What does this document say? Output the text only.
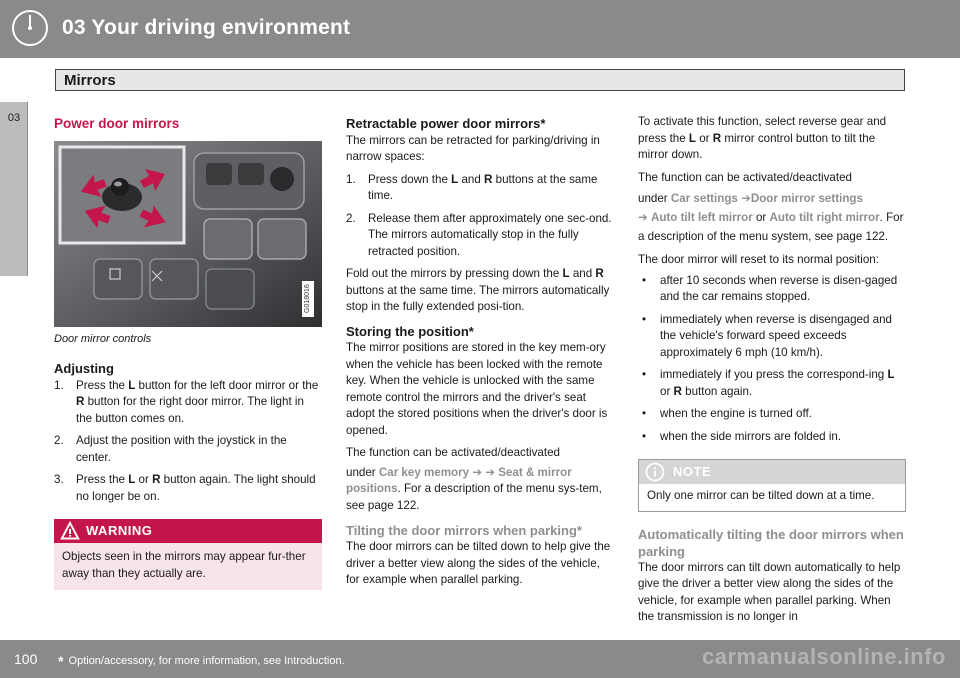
03 Your driving environment
Mirrors
03	Power door mirrors
G018016
Door mirror controls
Adjusting
1. Press the L button for the left door mirror or the R button for the right door mirror. The light in the button comes on.
2. Adjust the position with the joystick in the center.
3. Press the L or R button again. The light should no longer be on.
WARNING
Objects seen in the mirrors may appear fur-ther away than they actually are.
Retractable power door mirrors*

The mirrors can be retracted for parking/driving in narrow spaces:

1. Press down the L and R buttons at the same time.
2. Release them after approximately one sec-ond. The mirrors automatically stop in the fully retracted position.

Fold out the mirrors by pressing down the L and R buttons at the same time. The mirrors automatically stop in the fully extended posi-tion.

Storing the position*

The mirror positions are stored in the key mem-ory when the vehicle has been locked with the remote key. When the vehicle is unlocked with the same remote control the mirrors and the driver's seat adopt the stored positions when the driver's door is opened.

The function can be activated/deactivated

under Car key memory ➔ ➔ Seat & mirror positions. For a description of the menu sys-tem, see page 122.

Tilting the door mirrors when parking*

The door mirrors can be tilted down to help give the driver a better view along the sides of the vehicle, for example when parallel parking.

To activate this function, select reverse gear and press the L or R mirror control button to tilt the mirror down.

The function can be activated/deactivated

under Car settings ➔Door mirror settings
➔ Auto tilt left mirror or Auto tilt right mirror. For a description of the menu system, see page 122.

The door mirror will reset to its normal position:

• after 10 seconds when reverse is disen-gaged and the car remains stopped.
• immediately when reverse is disengaged and the vehicle's forward speed exceeds approximately 6 mph (10 km/h).
• immediately if you press the correspond-ing L or R button again.
• when the engine is turned off.
• when the side mirrors are folded in.
NOTE
Only one mirror can be tilted down at a time.
Automatically tilting the door mirrors when parking

The door mirrors can tilt down automatically to help give the driver a better view along the sides of the vehicle, for example when parallel parking. When the transmission is no longer in

100 * Option/accessory, for more information, see Introduction.	carmanualsonline.info
